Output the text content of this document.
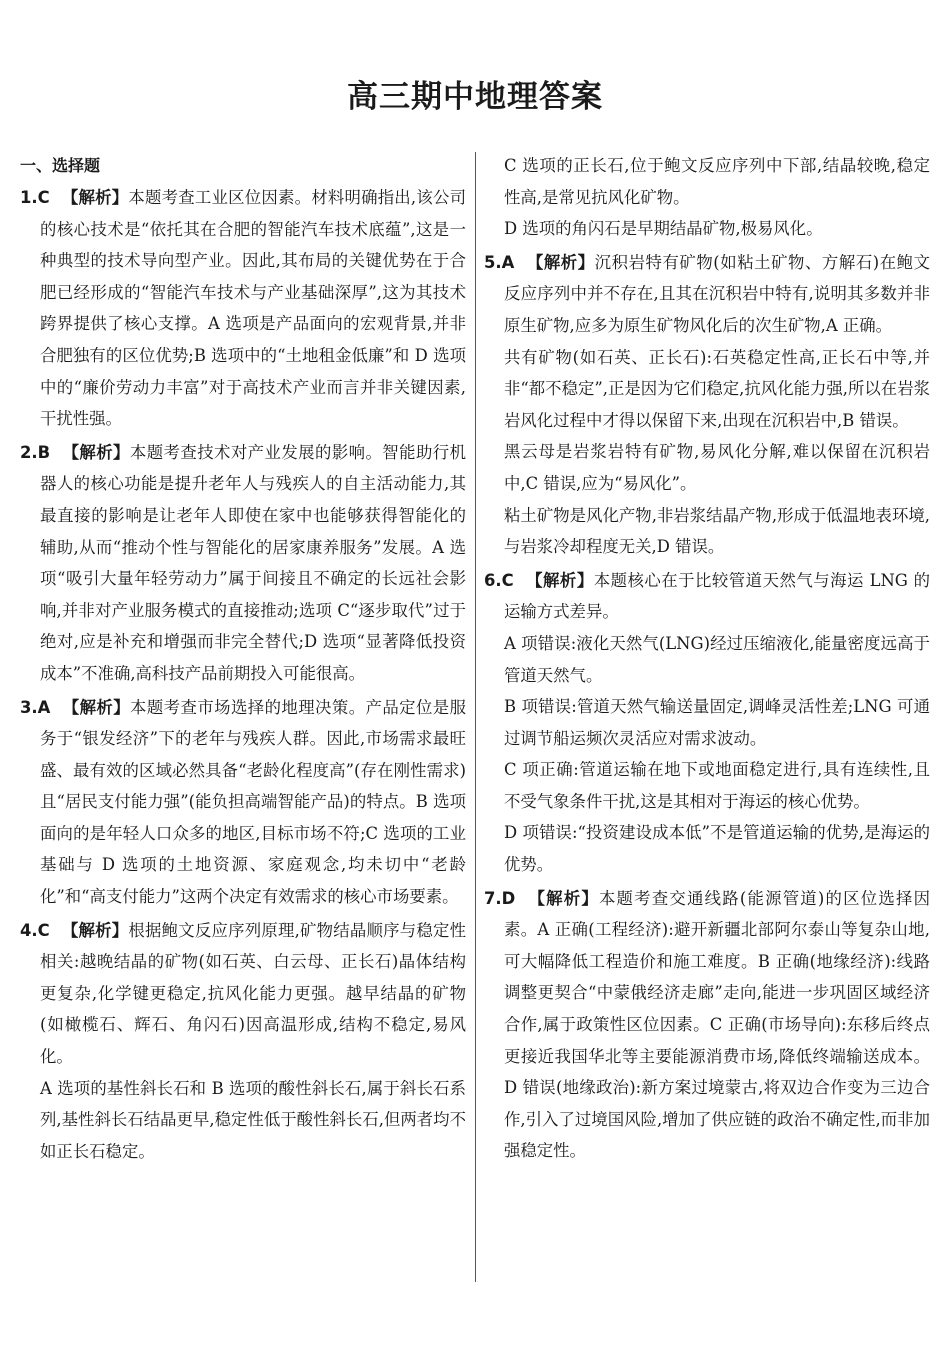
高三期中地理答案
一、选择题

1.C 【解析】本题考查工业区位因素。材料明确指出,该公司的核心技术是“依托其在合肥的智能汽车技术底蕴”,这是一种典型的技术导向型产业。因此,其布局的关键优势在于合肥已经形成的“智能汽车技术与产业基础深厚”,这为其技术跨界提供了核心支撑。A 选项是产品面向的宏观背景,并非合肥独有的区位优势;B 选项中的“土地租金低廉”和 D 选项中的“廉价劳动力丰富”对于高技术产业而言并非关键因素,干扰性强。

2.B 【解析】本题考查技术对产业发展的影响。智能助行机器人的核心功能是提升老年人与残疾人的自主活动能力,其最直接的影响是让老年人即使在家中也能够获得智能化的辅助,从而“推动个性与智能化的居家康养服务”发展。A 选项“吸引大量年轻劳动力”属于间接且不确定的长远社会影响,并非对产业服务模式的直接推动;选项 C“逐步取代”过于绝对,应是补充和增强而非完全替代;D 选项“显著降低投资成本”不准确,高科技产品前期投入可能很高。

3.A 【解析】本题考查市场选择的地理决策。产品定位是服务于“银发经济”下的老年与残疾人群。因此,市场需求最旺盛、最有效的区域必然具备“老龄化程度高”(存在刚性需求)且“居民支付能力强”(能负担高端智能产品)的特点。B 选项面向的是年轻人口众多的地区,目标市场不符;C 选项的工业基础与 D 选项的土地资源、家庭观念,均未切中“老龄化”和“高支付能力”这两个决定有效需求的核心市场要素。

4.C 【解析】根据鲍文反应序列原理,矿物结晶顺序与稳定性相关:越晚结晶的矿物(如石英、白云母、正长石)晶体结构更复杂,化学键更稳定,抗风化能力更强。越早结晶的矿物(如橄榄石、辉石、角闪石)因高温形成,结构不稳定,易风化。

A 选项的基性斜长石和 B 选项的酸性斜长石,属于斜长石系列,基性斜长石结晶更早,稳定性低于酸性斜长石,但两者均不如正长石稳定。

C 选项的正长石,位于鲍文反应序列中下部,结晶较晚,稳定性高,是常见抗风化矿物。

D 选项的角闪石是早期结晶矿物,极易风化。

5.A 【解析】沉积岩特有矿物(如粘土矿物、方解石)在鲍文反应序列中并不存在,且其在沉积岩中特有,说明其多数并非原生矿物,应多为原生矿物风化后的次生矿物,A 正确。

共有矿物(如石英、正长石):石英稳定性高,正长石中等,并非“都不稳定”,正是因为它们稳定,抗风化能力强,所以在岩浆岩风化过程中才得以保留下来,出现在沉积岩中,B 错误。

黑云母是岩浆岩特有矿物,易风化分解,难以保留在沉积岩中,C 错误,应为“易风化”。

粘土矿物是风化产物,非岩浆结晶产物,形成于低温地表环境,与岩浆冷却程度无关,D 错误。

6.C 【解析】本题核心在于比较管道天然气与海运 LNG 的运输方式差异。

A 项错误:液化天然气(LNG)经过压缩液化,能量密度远高于管道天然气。

B 项错误:管道天然气输送量固定,调峰灵活性差;LNG 可通过调节船运频次灵活应对需求波动。

C 项正确:管道运输在地下或地面稳定进行,具有连续性,且不受气象条件干扰,这是其相对于海运的核心优势。

D 项错误:“投资建设成本低”不是管道运输的优势,是海运的优势。

7.D 【解析】本题考查交通线路(能源管道)的区位选择因素。A 正确(工程经济):避开新疆北部阿尔泰山等复杂山地,可大幅降低工程造价和施工难度。B 正确(地缘经济):线路调整更契合“中蒙俄经济走廊”走向,能进一步巩固区域经济合作,属于政策性区位因素。C 正确(市场导向):东移后终点更接近我国华北等主要能源消费市场,降低终端输送成本。D 错误(地缘政治):新方案过境蒙古,将双边合作变为三边合作,引入了过境国风险,增加了供应链的政治不确定性,而非加强稳定性。
